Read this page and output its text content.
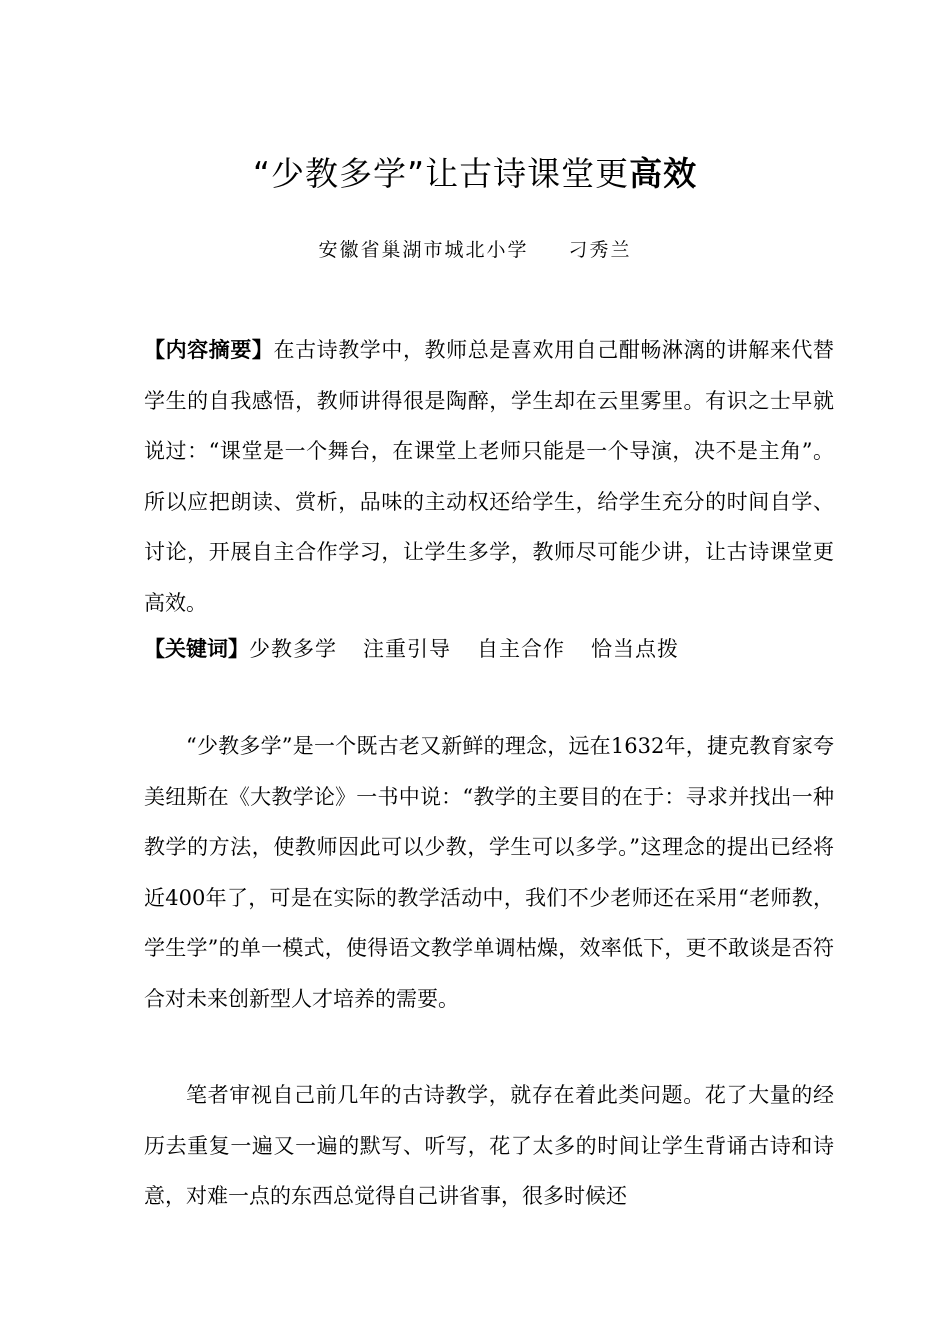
“少教多学”让古诗课堂更高效
安徽省巢湖市城北小学 刁秀兰

【内容摘要】在古诗教学中，教师总是喜欢用自己酣畅淋漓的讲解来代替学生的自我感悟，教师讲得很是陶醉，学生却在云里雾里。有识之士早就说过：“课堂是一个舞台，在课堂上老师只能是一个导演，决不是主角”。所以应把朗读、赏析，品味的主动权还给学生，给学生充分的时间自学、讨论，开展自主合作学习，让学生多学，教师尽可能少讲，让古诗课堂更高效。

【关键词】少教多学 注重引导 自主合作 恰当点拨

“少教多学”是一个既古老又新鲜的理念，远在1632年，捷克教育家夸美纽斯在《大教学论》一书中说：“教学的主要目的在于：寻求并找出一种教学的方法，使教师因此可以少教，学生可以多学。”这理念的提出已经将近400年了，可是在实际的教学活动中，我们不少老师还在采用“老师教，学生学”的单一模式，使得语文教学单调枯燥，效率低下，更不敢谈是否符合对未来创新型人才培养的需要。

笔者审视自己前几年的古诗教学，就存在着此类问题。花了大量的经历去重复一遍又一遍的默写、听写，花了太多的时间让学生背诵古诗和诗意，对难一点的东西总觉得自己讲省事，很多时候还
